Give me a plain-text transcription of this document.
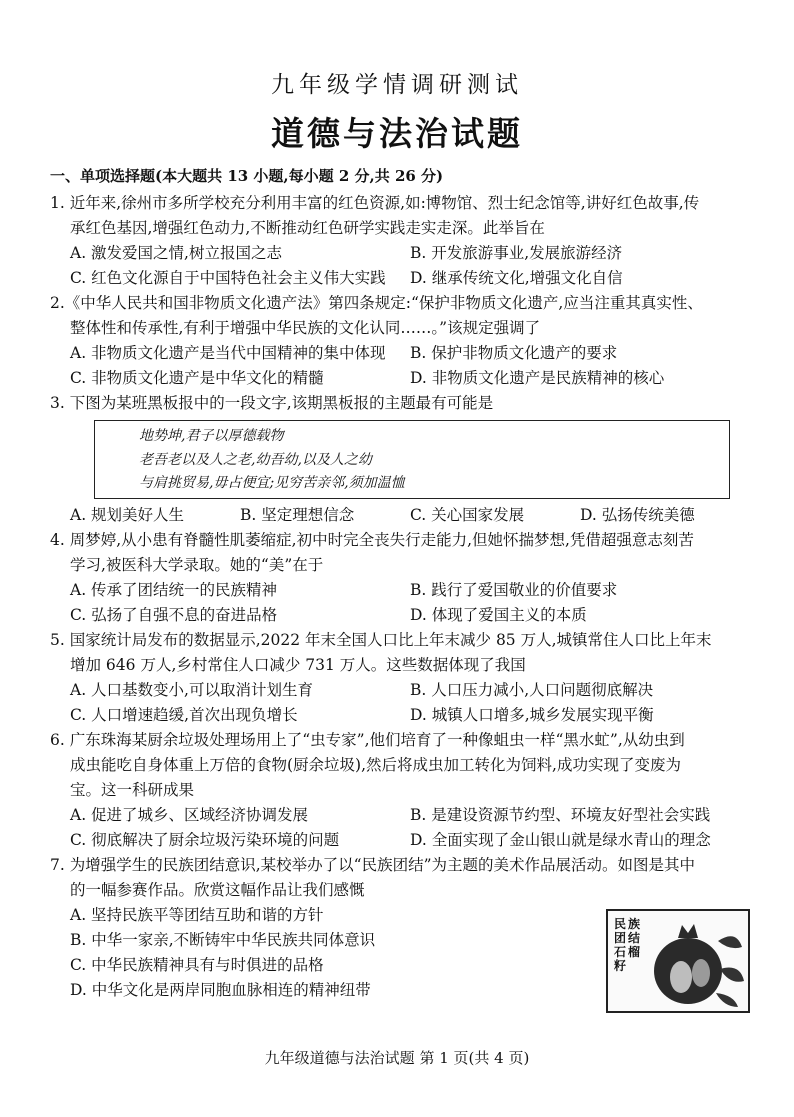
九年级学情调研测试
道德与法治试题
一、单项选择题(本大题共 13 小题,每小题 2 分,共 26 分)

1. 近年来,徐州市多所学校充分利用丰富的红色资源,如:博物馆、烈士纪念馆等,讲好红色故事,传
承红色基因,增强红色动力,不断推动红色研学实践走实走深。此举旨在

A. 激发爱国之情,树立报国之志	B. 开发旅游事业,发展旅游经济
C. 红色文化源自于中国特色社会主义伟大实践	D. 继承传统文化,增强文化自信

2.《中华人民共和国非物质文化遗产法》第四条规定:“保护非物质文化遗产,应当注重其真实性、
整体性和传承性,有利于增强中华民族的文化认同……。”该规定强调了

A. 非物质文化遗产是当代中国精神的集中体现	B. 保护非物质文化遗产的要求
C. 非物质文化遗产是中华文化的精髓	D. 非物质文化遗产是民族精神的核心

3. 下图为某班黑板报中的一段文字,该期黑板报的主题最有可能是

地势坤,君子以厚德载物
老吾老以及人之老,幼吾幼,以及人之幼
与肩挑贸易,毋占便宜;见穷苦亲邻,须加温恤
A. 规划美好人生	B. 坚定理想信念	C. 关心国家发展	D. 弘扬传统美德

4. 周梦婷,从小患有脊髓性肌萎缩症,初中时完全丧失行走能力,但她怀揣梦想,凭借超强意志刻苦
学习,被医科大学录取。她的“美”在于

A. 传承了团结统一的民族精神	B. 践行了爱国敬业的价值要求
C. 弘扬了自强不息的奋进品格	D. 体现了爱国主义的本质

5. 国家统计局发布的数据显示,2022 年末全国人口比上年末减少 85 万人,城镇常住人口比上年末
增加 646 万人,乡村常住人口减少 731 万人。这些数据体现了我国

A. 人口基数变小,可以取消计划生育	B. 人口压力减小,人口问题彻底解决
C. 人口增速趋缓,首次出现负增长	D. 城镇人口增多,城乡发展实现平衡

6. 广东珠海某厨余垃圾处理场用上了“虫专家”,他们培育了一种像蛆虫一样“黑水虻”,从幼虫到
成虫能吃自身体重上万倍的食物(厨余垃圾),然后将成虫加工转化为饲料,成功实现了变废为
宝。这一科研成果

A. 促进了城乡、区域经济协调发展	B. 是建设资源节约型、环境友好型社会实践
C. 彻底解决了厨余垃圾污染环境的问题	D. 全面实现了金山银山就是绿水青山的理念

7. 为增强学生的民族团结意识,某校举办了以“民族团结”为主题的美术作品展活动。如图是其中
的一幅参赛作品。欣赏这幅作品让我们感慨

A. 坚持民族平等团结互助和谐的方针
B. 中华一家亲,不断铸牢中华民族共同体意识
C. 中华民族精神具有与时俱进的品格
D. 中华文化是两岸同胞血脉相连的精神纽带
民族团结石榴籽
九年级道德与法治试题 第 1 页(共 4 页)
